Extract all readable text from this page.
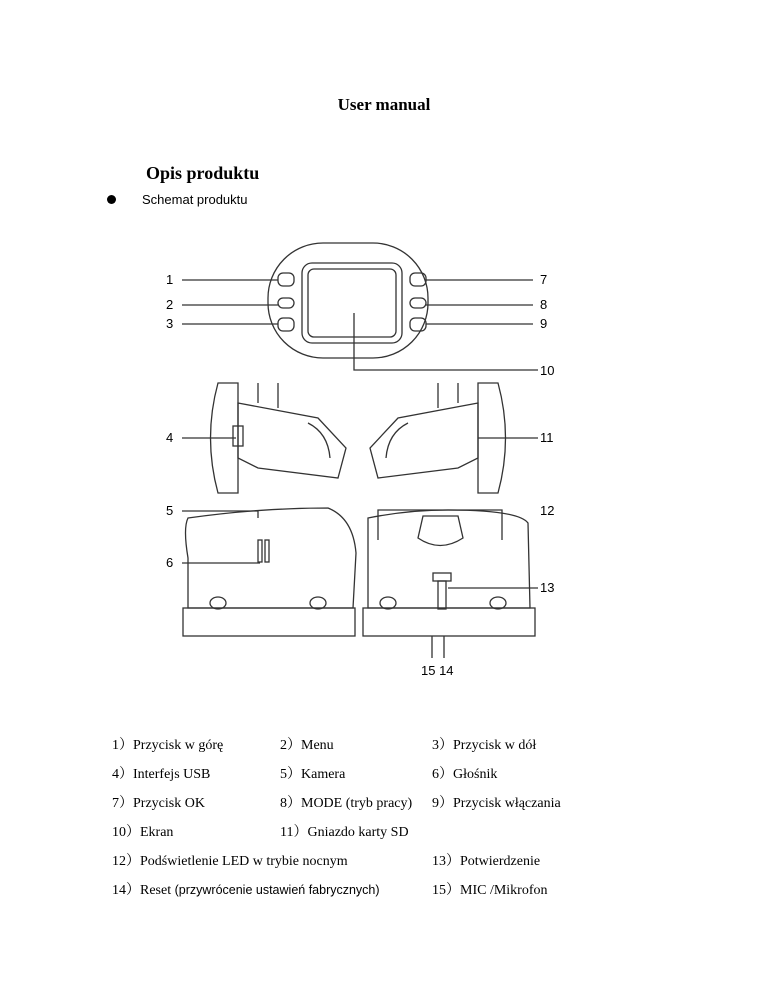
User manual
Opis produktu
Schemat produktu
1
2
3
4
5
6
7
8
9
10
11
12
13
15 14
1）Przycisk w górę	2）Menu	3）Przycisk w dół
4）Interfejs USB	5）Kamera	6）Głośnik
7）Przycisk OK	8）MODE (tryb pracy) 9）Przycisk włączania
10）Ekran	11）Gniazdo karty SD
12）Podświetlenie LED w trybie nocnym	13）Potwierdzenie
14）Reset (przywrócenie ustawień fabrycznych)	15）MIC /Mikrofon
